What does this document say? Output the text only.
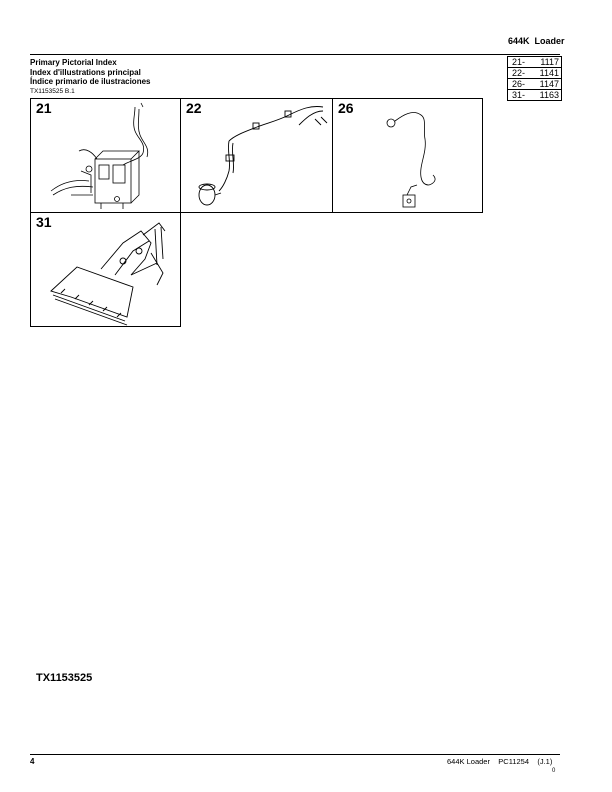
644K  Loader
Primary Pictorial Index
Index d'illustrations principal
Índice primario de ilustraciones
TX1153525 B.1
21- 1117
22- 1141
26- 1147
31- 1163
21	22	26
31
TX1153525
4	644K Loader    PC11254    (J.1)
0
